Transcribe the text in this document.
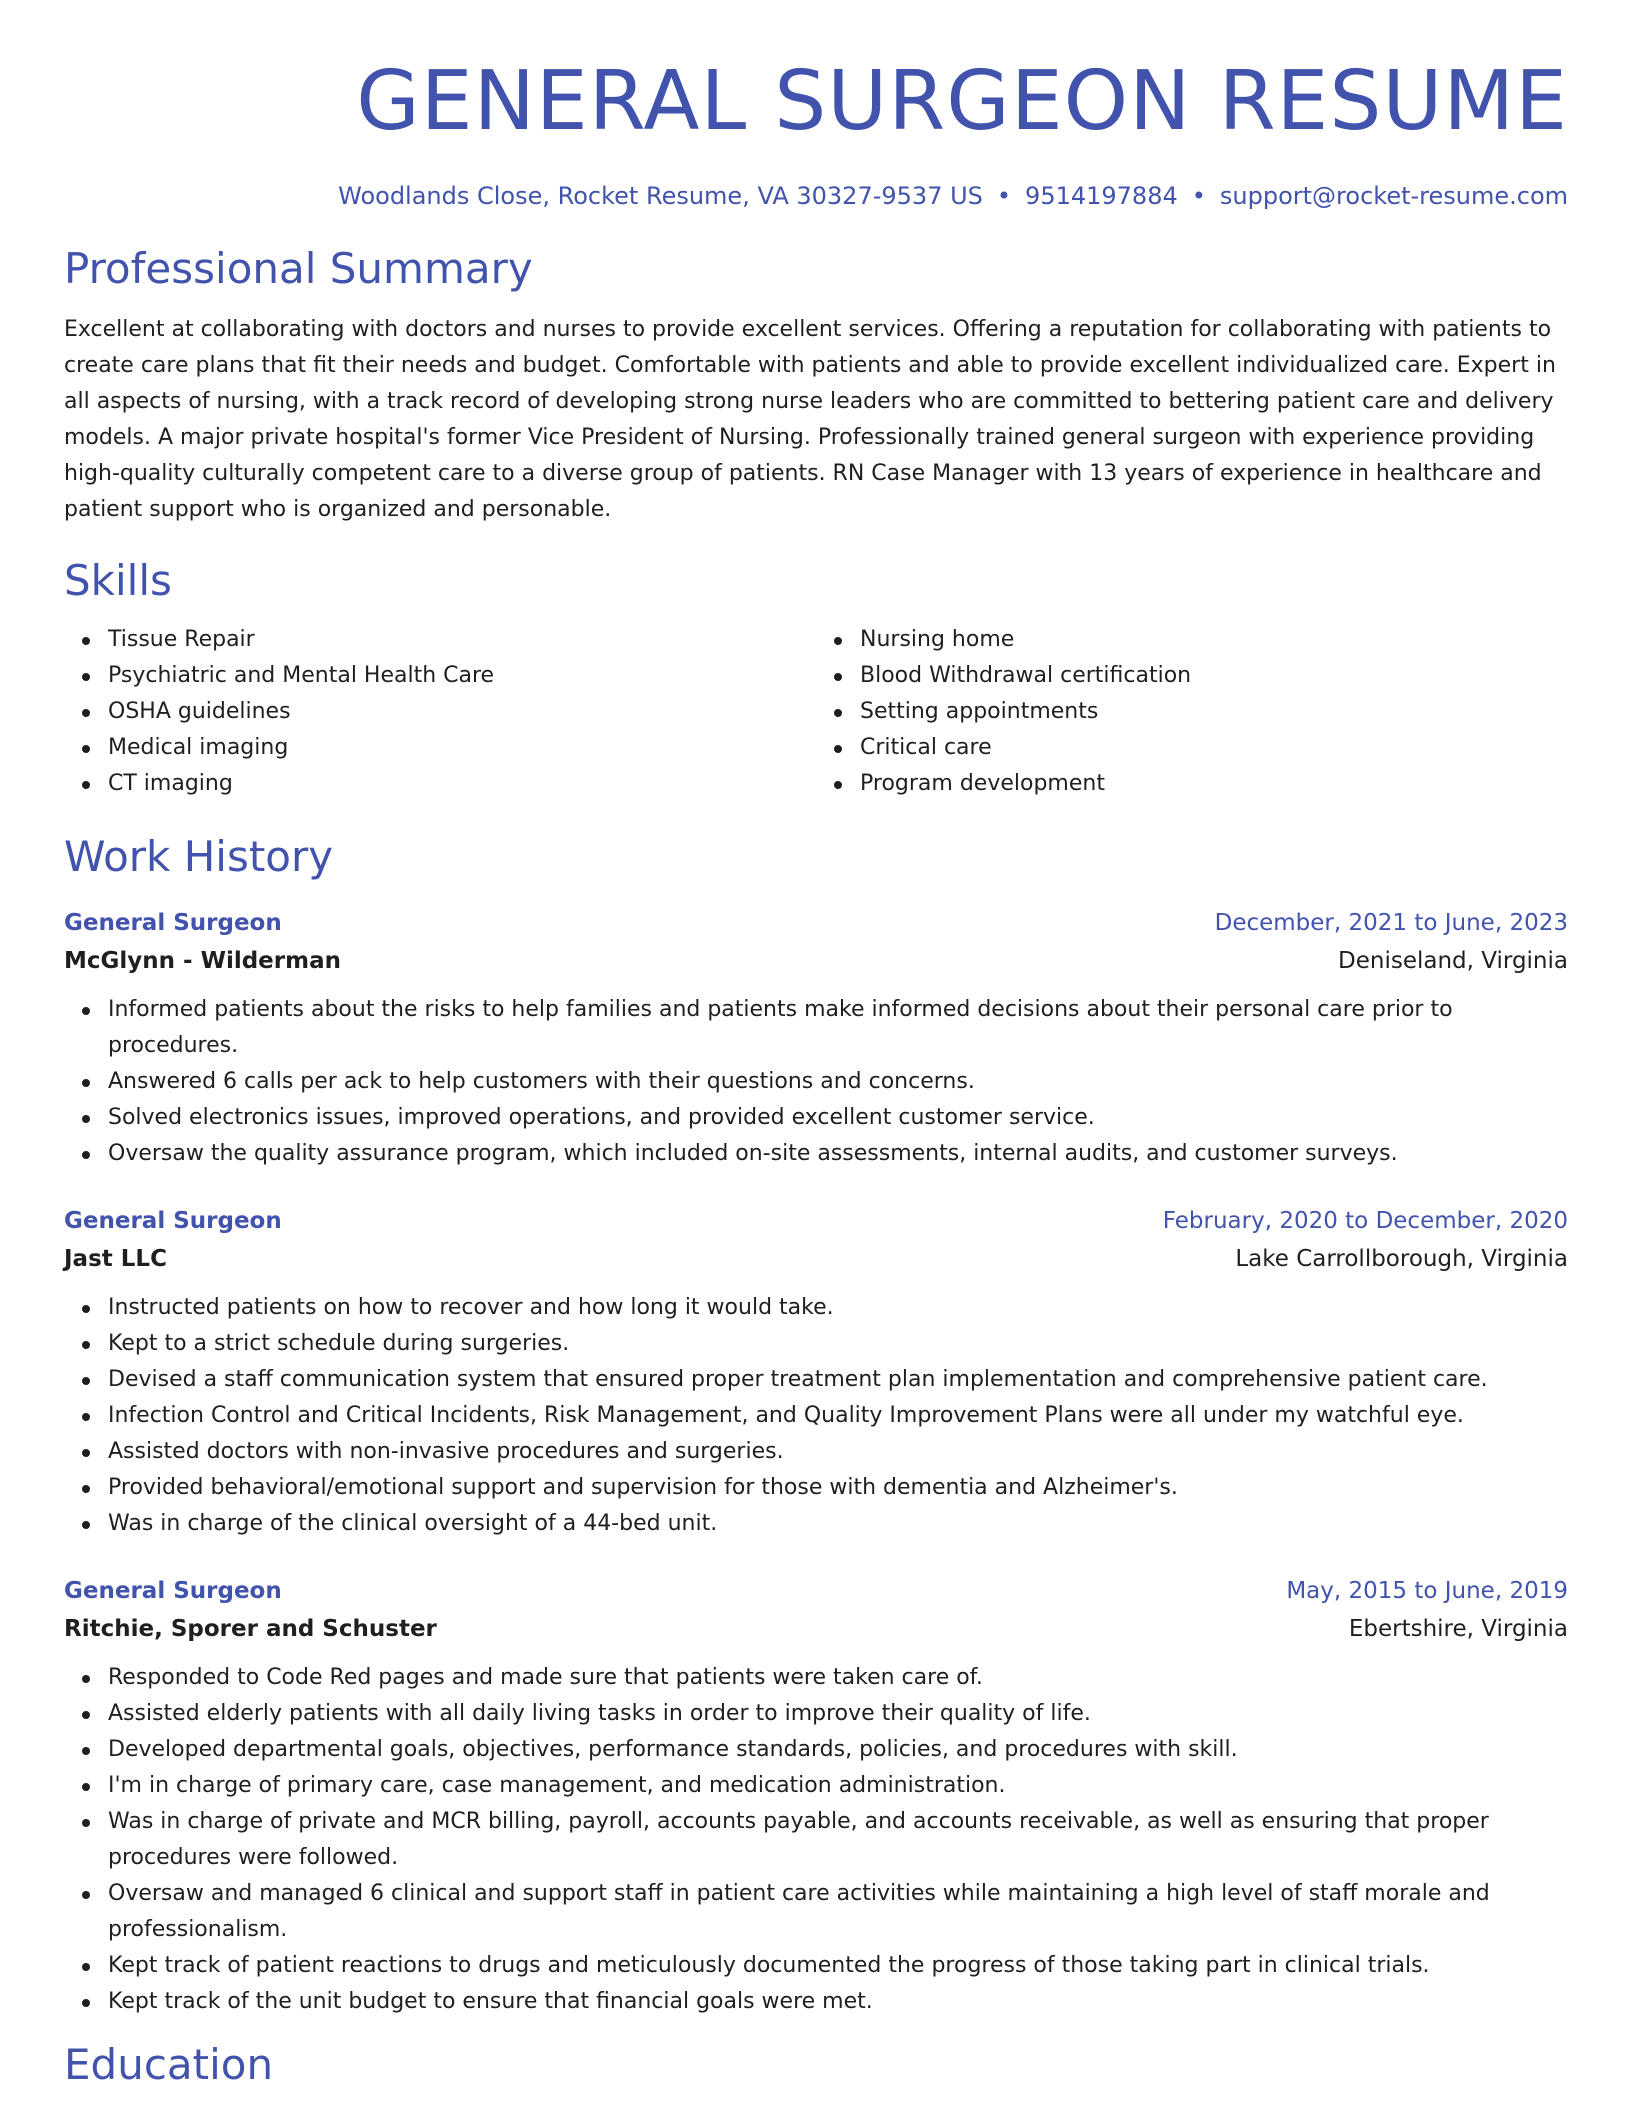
GENERAL SURGEON RESUME
Woodlands Close, Rocket Resume, VA 30327-9537 US • 9514197884 • support@rocket-resume.com
Professional Summary

Excellent at collaborating with doctors and nurses to provide excellent services. Offering a reputation for collaborating with patients to create care plans that fit their needs and budget. Comfortable with patients and able to provide excellent individualized care. Expert in all aspects of nursing, with a track record of developing strong nurse leaders who are committed to bettering patient care and delivery models. A major private hospital's former Vice President of Nursing. Professionally trained general surgeon with experience providing high-quality culturally competent care to a diverse group of patients. RN Case Manager with 13 years of experience in healthcare and patient support who is organized and personable.

Skills
Tissue Repair
Psychiatric and Mental Health Care
OSHA guidelines
Medical imaging
CT imaging
Nursing home
Blood Withdrawal certification
Setting appointments
Critical care
Program development
Work History
General Surgeon	December, 2021 to June, 2023
McGlynn - Wilderman	Deniseland, Virginia
Informed patients about the risks to help families and patients make informed decisions about their personal care prior to procedures.
Answered 6 calls per ack to help customers with their questions and concerns.
Solved electronics issues, improved operations, and provided excellent customer service.
Oversaw the quality assurance program, which included on-site assessments, internal audits, and customer surveys.
General Surgeon	February, 2020 to December, 2020
Jast LLC	Lake Carrollborough, Virginia
Instructed patients on how to recover and how long it would take.
Kept to a strict schedule during surgeries.
Devised a staff communication system that ensured proper treatment plan implementation and comprehensive patient care.
Infection Control and Critical Incidents, Risk Management, and Quality Improvement Plans were all under my watchful eye.
Assisted doctors with non-invasive procedures and surgeries.
Provided behavioral/emotional support and supervision for those with dementia and Alzheimer's.
Was in charge of the clinical oversight of a 44-bed unit.
General Surgeon	May, 2015 to June, 2019
Ritchie, Sporer and Schuster	Ebertshire, Virginia
Responded to Code Red pages and made sure that patients were taken care of.
Assisted elderly patients with all daily living tasks in order to improve their quality of life.
Developed departmental goals, objectives, performance standards, policies, and procedures with skill.
I'm in charge of primary care, case management, and medication administration.
Was in charge of private and MCR billing, payroll, accounts payable, and accounts receivable, as well as ensuring that proper procedures were followed.
Oversaw and managed 6 clinical and support staff in patient care activities while maintaining a high level of staff morale and professionalism.
Kept track of patient reactions to drugs and meticulously documented the progress of those taking part in clinical trials.
Kept track of the unit budget to ensure that financial goals were met.
Education
